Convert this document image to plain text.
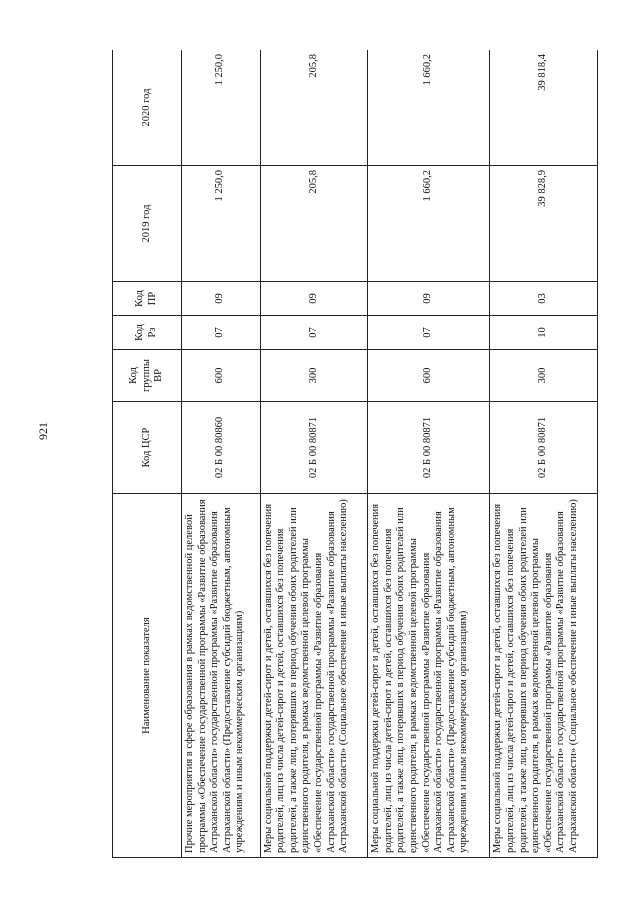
921
Наименование показателя	Код ЦСР	Код группы ВР	Код Рз	Код ПР	2019 год	2020 год
Прочие мероприятия в сфере образования в рамках ведомственной целевой программы «Обеспечение государственной программы «Развитие образования Астраханской области» государственной программы «Развитие образования Астраханской области» (Предоставление субсидий бюджетным, автономным учреждениям и иным некоммерческим организациям)	02 Б 00 80860	600	07	09	1 250,0	1 250,0
Меры социальной поддержки детей-сирот и детей, оставшихся без попечения родителей, лиц из числа детей-сирот и детей, оставшихся без попечения родителей, а также лиц, потерявших в период обучения обоих родителей или единственного родителя, в рамках ведомственной целевой программы «Обеспечение государственной программы «Развитие образования Астраханской области» государственной программы «Развитие образования Астраханской области» (Социальное обеспечение и иные выплаты населению)	02 Б 00 80871	300	07	09	205,8	205,8
Меры социальной поддержки детей-сирот и детей, оставшихся без попечения родителей, лиц из числа детей-сирот и детей, оставшихся без попечения родителей, а также лиц, потерявших в период обучения обоих родителей или единственного родителя, в рамках ведомственной целевой программы «Обеспечение государственной программы «Развитие образования Астраханской области» государственной программы «Развитие образования Астраханской области» (Предоставление субсидий бюджетным, автономным учреждениям и иным некоммерческим организациям)	02 Б 00 80871	600	07	09	1 660,2	1 660,2
Меры социальной поддержки детей-сирот и детей, оставшихся без попечения родителей, лиц из числа детей-сирот и детей, оставшихся без попечения родителей, а также лиц, потерявших в период обучения обоих родителей или единственного родителя, в рамках ведомственной целевой программы «Обеспечение государственной программы «Развитие образования Астраханской области» государственной программы «Развитие образования Астраханской области» (Социальное обеспечение и иные выплаты населению)	02 Б 00 80871	300	10	03	39 828,9	39 818,4
